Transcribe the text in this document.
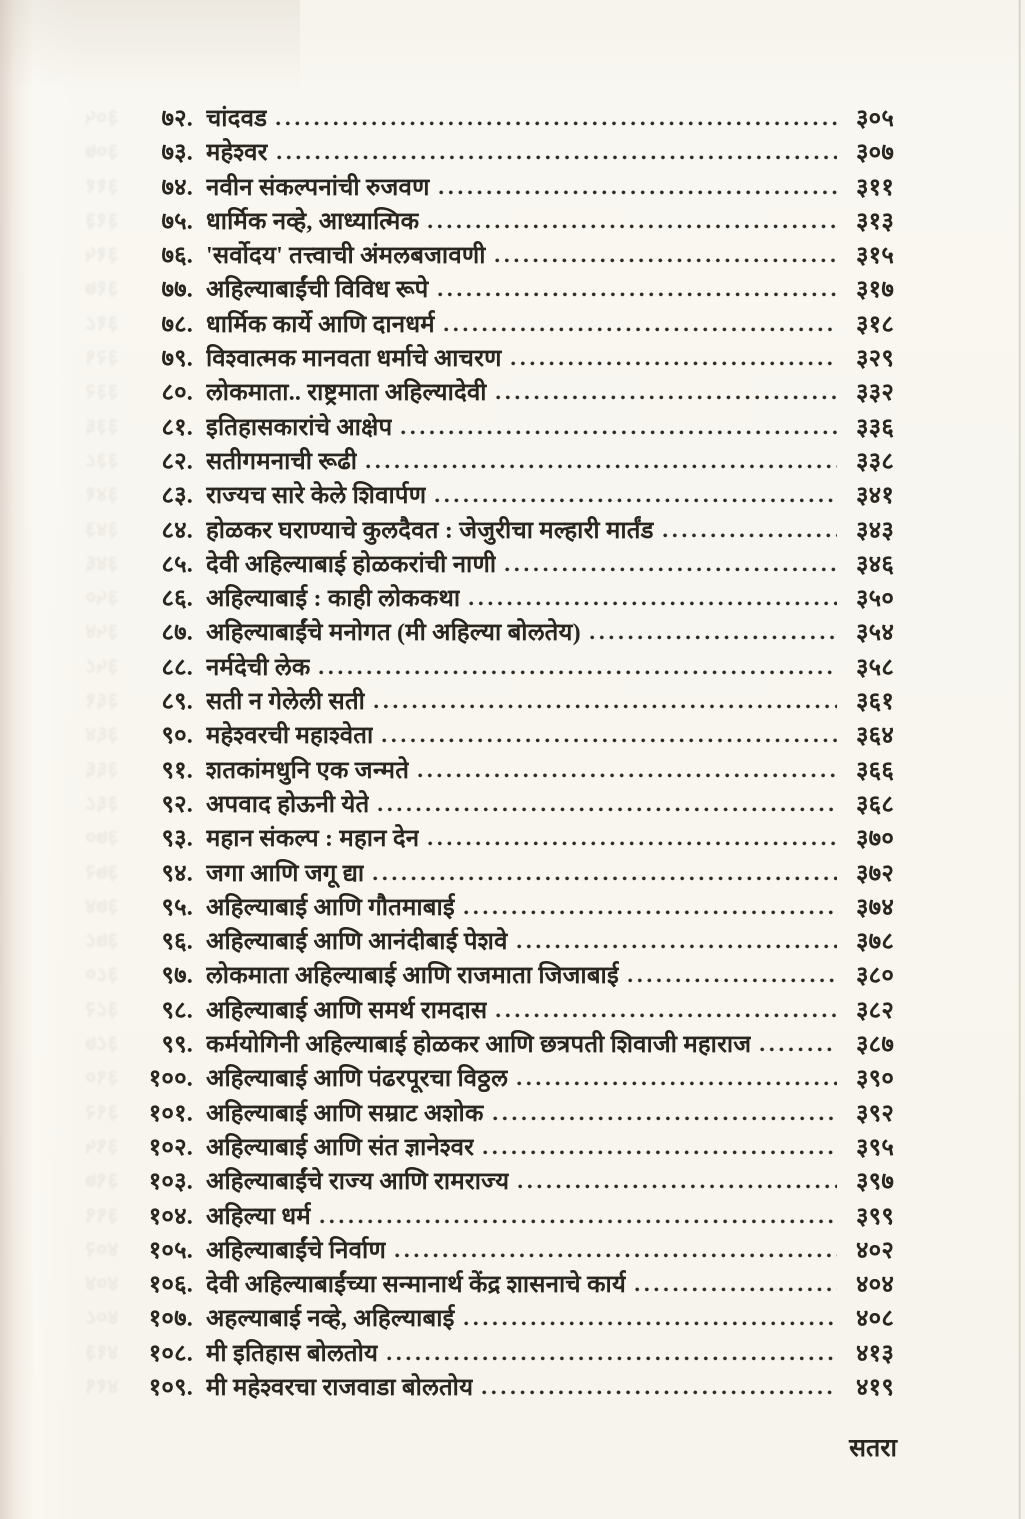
३०५	७२. चांदवड	३०५
३०७	७३. महेश्वर	३०७
३११	७४. नवीन संकल्पनांची रुजवण	३११
३१३	७५. धार्मिक नव्हे, आध्यात्मिक	३१३
३१५	७६. 'सर्वोदय' तत्त्वाची अंमलबजावणी	३१५
३१७	७७. अहिल्याबाईंची विविध रूपे	३१७
३१८	७८. धार्मिक कार्ये आणि दानधर्म	३१८
३२९	७९. विश्वात्मक मानवता धर्माचे आचरण	३२९
३३२	८०. लोकमाता.. राष्ट्रमाता अहिल्यादेवी	३३२
३३६	८१. इतिहासकारांचे आक्षेप	३३६
३३८	८२. सतीगमनाची रूढी	३३८
३४१	८३. राज्यच सारे केले शिवार्पण	३४१
३४३	८४. होळकर घराण्याचे कुलदैवत : जेजुरीचा मल्हारी मार्तंड	३४३
३४६	८५. देवी अहिल्याबाई होळकरांची नाणी	३४६
३५०	८६. अहिल्याबाई : काही लोककथा	३५०
३५४	८७. अहिल्याबाईंचे मनोगत (मी अहिल्या बोलतेय)	३५४
३५८	८८. नर्मदेची लेक	३५८
३६१	८९. सती न गेलेली सती	३६१
३६४	९०. महेश्वरची महाश्वेता	३६४
३६६	९१. शतकांमधुनि एक जन्मते	३६६
३६८	९२. अपवाद होऊनी येते	३६८
३७०	९३. महान संकल्प : महान देन	३७०
३७२	९४. जगा आणि जगू द्या	३७२
३७४	९५. अहिल्याबाई आणि गौतमाबाई	३७४
३७८	९६. अहिल्याबाई आणि आनंदीबाई पेशवे	३७८
३८०	९७. लोकमाता अहिल्याबाई आणि राजमाता जिजाबाई	३८०
३८२	९८. अहिल्याबाई आणि समर्थ रामदास	३८२
३८७	९९. कर्मयोगिनी अहिल्याबाई होळकर आणि छत्रपती शिवाजी महाराज	३८७
३९०	१००. अहिल्याबाई आणि पंढरपूरचा विठ्ठल	३९०
३९२	१०१. अहिल्याबाई आणि सम्राट अशोक	३९२
३९५	१०२. अहिल्याबाई आणि संत ज्ञानेश्वर	३९५
३९७	१०३. अहिल्याबाईंचे राज्य आणि रामराज्य	३९७
३९९	१०४. अहिल्या धर्म	३९९
४०२	१०५. अहिल्याबाईंचे निर्वाण	४०२
४०४	१०६. देवी अहिल्याबाईंच्या सन्मानार्थ केंद्र शासनाचे कार्य	४०४
४०८	१०७. अहल्याबाई नव्हे, अहिल्याबाई	४०८
४१३	१०८. मी इतिहास बोलतोय	४१३
४१९	१०९. मी महेश्वरचा राजवाडा बोलतोय	४१९
सतरा
